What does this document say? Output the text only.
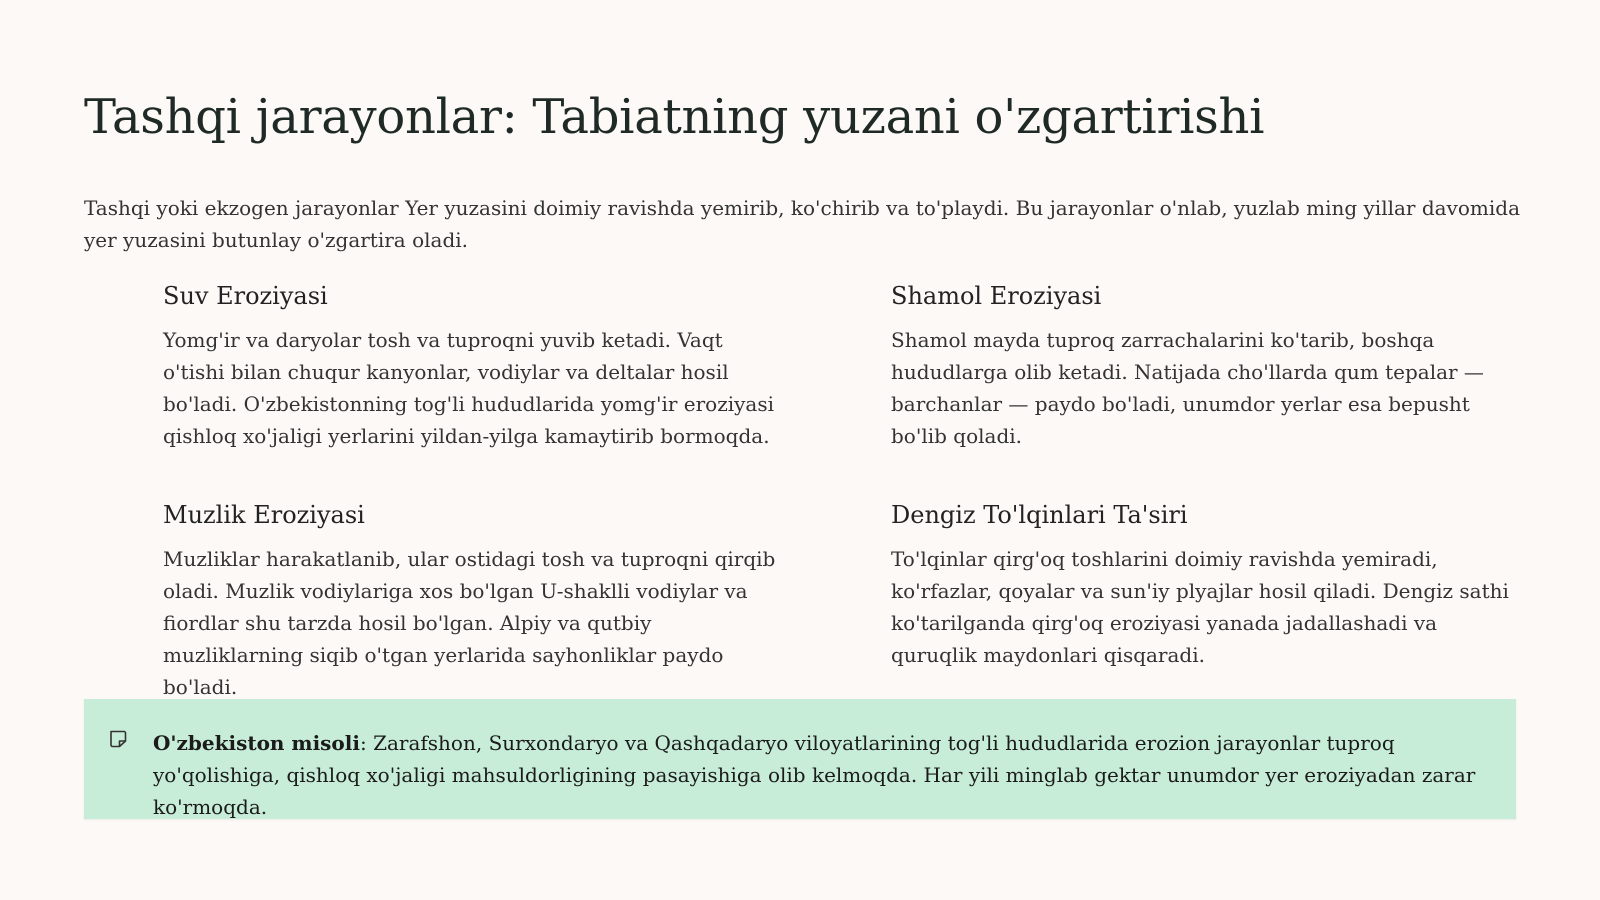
Tashqi jarayonlar: Tabiatning yuzani o'zgartirishi

Tashqi yoki ekzogen jarayonlar Yer yuzasini doimiy ravishda yemirib, ko'chirib va to'playdi. Bu jarayonlar o'nlab, yuzlab ming yillar davomida yer yuzasini butunlay o'zgartira oladi.

Suv Eroziyasi

Yomg'ir va daryolar tosh va tuproqni yuvib ketadi. Vaqt o'tishi bilan chuqur kanyonlar, vodiylar va deltalar hosil bo'ladi. O'zbekistonning tog'li hududlarida yomg'ir eroziyasi qishloq xo'jaligi yerlarini yildan-yilga kamaytirib bormoqda.

Shamol Eroziyasi

Shamol mayda tuproq zarrachalarini ko'tarib, boshqa hududlarga olib ketadi. Natijada cho'llarda qum tepalar — barchanlar — paydo bo'ladi, unumdor yerlar esa bepusht bo'lib qoladi.

Muzlik Eroziyasi

Muzliklar harakatlanib, ular ostidagi tosh va tuproqni qirqib oladi. Muzlik vodiylariga xos bo'lgan U-shaklli vodiylar va fiordlar shu tarzda hosil bo'lgan. Alpiy va qutbiy muzliklarning siqib o'tgan yerlarida sayhonliklar paydo bo'ladi.

Dengiz To'lqinlari Ta'siri

To'lqinlar qirg'oq toshlarini doimiy ravishda yemiradi, ko'rfazlar, qoyalar va sun'iy plyajlar hosil qiladi. Dengiz sathi ko'tarilganda qirg'oq eroziyasi yanada jadallashadi va quruqlik maydonlari qisqaradi.

O'zbekiston misoli: Zarafshon, Surxondaryo va Qashqadaryo viloyatlarining tog'li hududlarida erozion jarayonlar tuproq yo'qolishiga, qishloq xo'jaligi mahsuldorligining pasayishiga olib kelmoqda. Har yili minglab gektar unumdor yer eroziyadan zarar ko'rmoqda.
